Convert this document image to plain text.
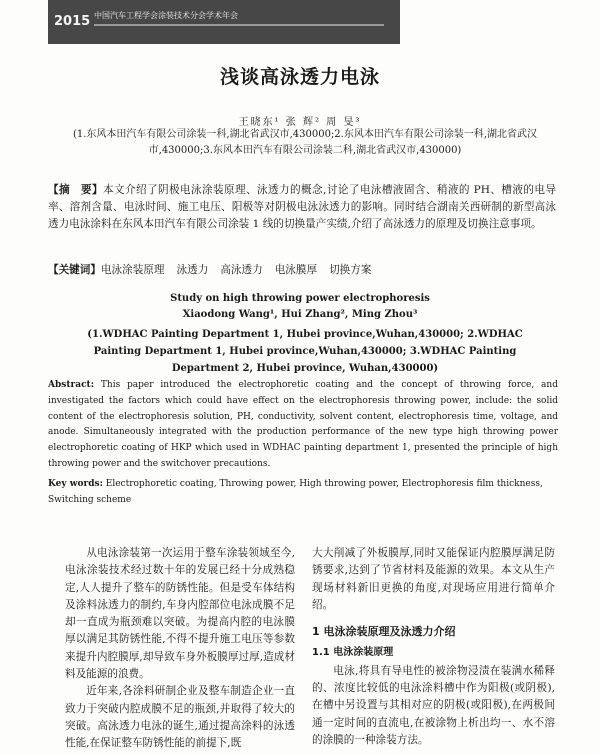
2015 中国汽车工程学会涂装技术分会学术年会
浅谈高泳透力电泳
王晓东¹ 张 辉² 周 旻³
(1.东风本田汽车有限公司涂装一科,湖北省武汉市,430000;2.东风本田汽车有限公司涂装一科,湖北省武汉市,430000;3.东风本田汽车有限公司涂装二科,湖北省武汉市,430000)
【摘　要】本文介绍了阴极电泳涂装原理、泳透力的概念,讨论了电泳槽液固含、稍液的 PH、槽液的电导率、溶剂含量、电泳时间、施工电压、阳极等对阴极电泳泳透力的影响。同时结合湖南关西研制的新型高泳透力电泳涂料在东风本田汽车有限公司涂装 1 线的切换量产实绩,介绍了高泳透力的原理及切换注意事项。
【关键词】电泳涂装原理 泳透力 高泳透力 电泳膜厚 切换方案
Study on high throwing power electrophoresis
Xiaodong Wang¹, Hui Zhang², Ming Zhou³
(1.WDHAC Painting Department 1, Hubei province,Wuhan,430000; 2.WDHAC Painting Department 1, Hubei province,Wuhan,430000; 3.WDHAC Painting Department 2, Hubei province, Wuhan,430000)
Abstract: This paper introduced the electrophoretic coating and the concept of throwing force, and investigated the factors which could have effect on the electrophoresis throwing power, include: the solid content of the electrophoresis solution, PH, conductivity, solvent content, electrophoresis time, voltage, and anode. Simultaneously integrated with the production performance of the new type high throwing power electrophoretic coating of HKP which used in WDHAC painting department 1, presented the principle of high throwing power and the switchover precautions.
Key words: Electrophoretic coating, Throwing power, High throwing power, Electrophoresis film thickness, Switching scheme

从电泳涂装第一次运用于整车涂装领域至今,电泳涂装技术经过数十年的发展已经十分成熟稳定,人人提升了整车的防锈性能。但是受车体结构及涂料泳透力的制约,车身内腔部位电泳成膜不足却一直成为瓶颈难以突破。为提高内腔的电泳膜厚以满足其防锈性能,不得不提升施工电压等参数来提升内腔膜厚,却导致车身外板膜厚过厚,造成材料及能源的浪费。

近年来,各涂料研制企业及整车制造企业一直致力于突破内腔成膜不足的瓶颈,并取得了较大的突破。高泳透力电泳的诞生,通过提高涂料的泳透性能,在保证整车防锈性能的前提下,既

大大削减了外板膜厚,同时又能保证内腔膜厚满足防锈要求,达到了节省材料及能源的效果。本文从生产现场材料新旧更换的角度,对现场应用进行简单介绍。

1 电泳涂装原理及泳透力介绍
1.1 电泳涂装原理

电泳,将具有导电性的被涂物浸渍在装满水稀释的、浓度比较低的电泳涂料槽中作为阳极(或阴极),在槽中另设置与其相对应的阴极(或阳极),在两极间通一定时间的直流电,在被涂物上析出均一、水不溶的涂膜的一种涂装方法。
